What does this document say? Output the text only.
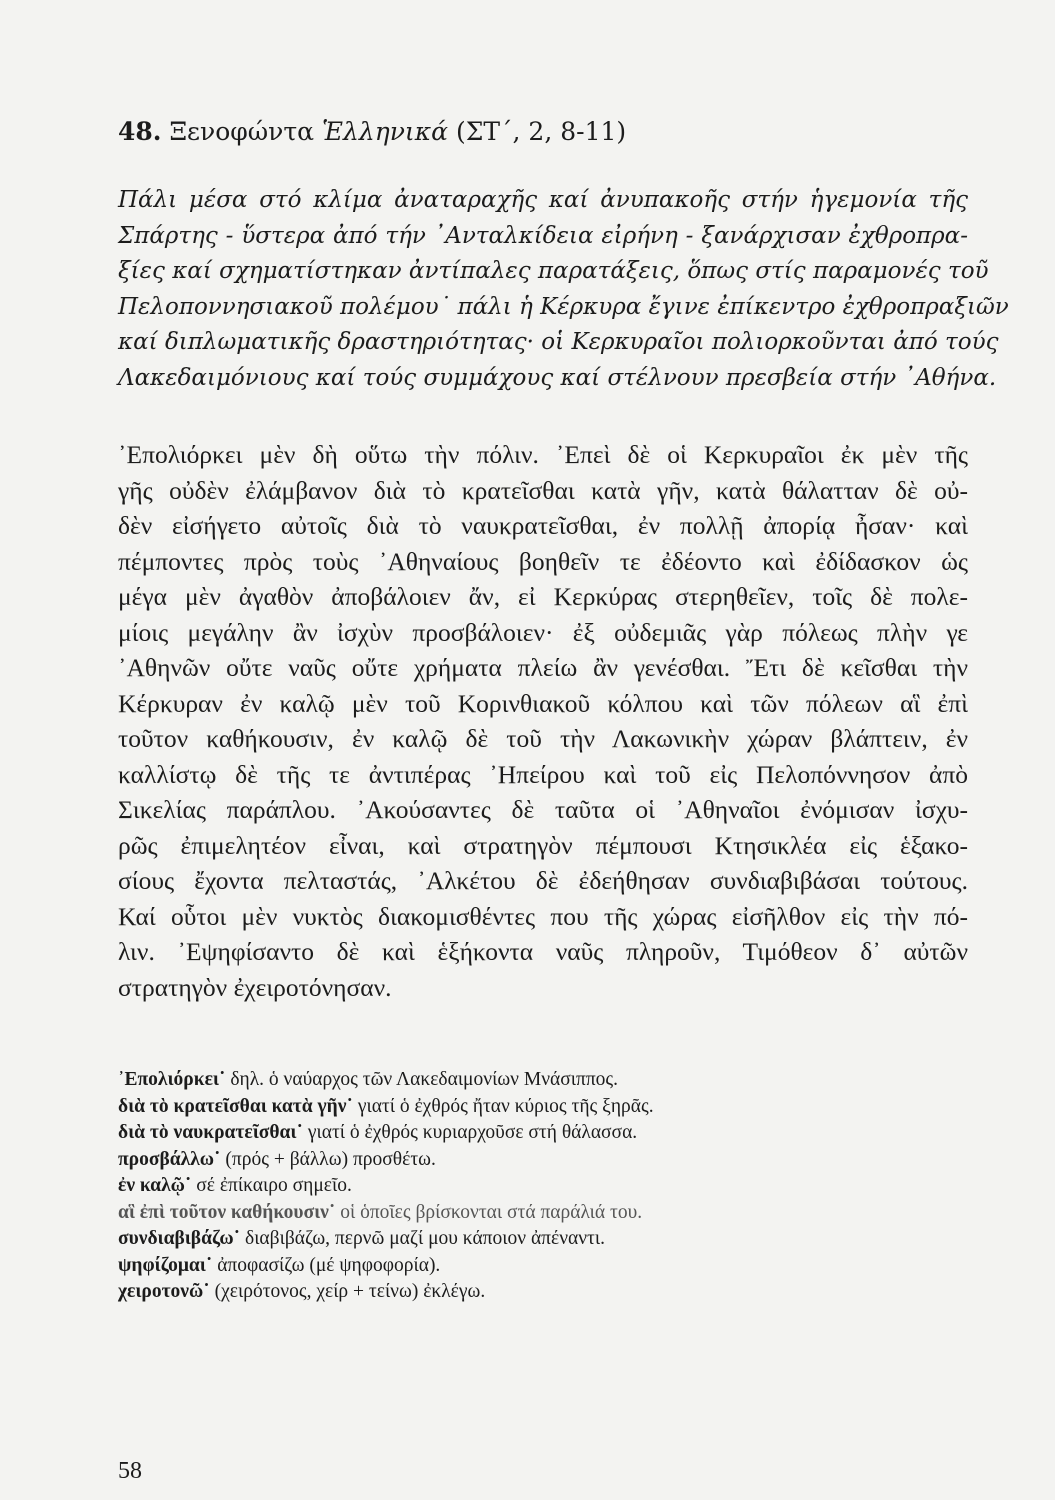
48. Ξενοφώντα Ἑλληνικά (ΣΤ΄, 2, 8-11)
Πάλι μέσα στό κλίμα ἀναταραχῆς καί ἀνυπακοῆς στήν ἡγεμονία τῆς
Σπάρτης - ὕστερα ἀπό τήν ᾿Ανταλκίδεια εἰρήνη - ξανάρχισαν ἐχθροπρα-
ξίες καί σχηματίστηκαν ἀντίπαλες παρατάξεις, ὅπως στίς παραμονές τοῦ
Πελοποννησιακοῦ πολέμου˙ πάλι ἡ Κέρκυρα ἔγινε ἐπίκεντρο ἐχθροπραξιῶν
καί διπλωματικῆς δραστηριότητας· οἱ Κερκυραῖοι πολιορκοῦνται ἀπό τούς
Λακεδαιμόνιους καί τούς συμμάχους καί στέλνουν πρεσβεία στήν ᾿Αθήνα.
᾿Επολιόρκει μὲν δὴ οὕτω τὴν πόλιν. ᾿Επεὶ δὲ οἱ Κερκυραῖοι ἐκ μὲν τῆς
γῆς οὐδὲν ἐλάμβανον διὰ τὸ κρατεῖσθαι κατὰ γῆν, κατὰ θάλατταν δὲ οὐ-
δὲν εἰσήγετο αὐτοῖς διὰ τὸ ναυκρατεῖσθαι, ἐν πολλῇ ἀπορίᾳ ἦσαν· καὶ
πέμποντες πρὸς τοὺς ᾿Αθηναίους βοηθεῖν τε ἐδέοντο καὶ ἐδίδασκον ὡς
μέγα μὲν ἀγαθὸν ἀποβάλοιεν ἄν, εἰ Κερκύρας στερηθεῖεν, τοῖς δὲ πολε-
μίοις μεγάλην ἂν ἰσχὺν προσβάλοιεν· ἐξ οὐδεμιᾶς γὰρ πόλεως πλὴν γε
᾿Αθηνῶν οὔτε ναῦς οὔτε χρήματα πλείω ἂν γενέσθαι. Ἔτι δὲ κεῖσθαι τὴν
Κέρκυραν ἐν καλῷ μὲν τοῦ Κορινθιακοῦ κόλπου καὶ τῶν πόλεων αἳ ἐπὶ
τοῦτον καθήκουσιν, ἐν καλῷ δὲ τοῦ τὴν Λακωνικὴν χώραν βλάπτειν, ἐν
καλλίστῳ δὲ τῆς τε ἀντιπέρας ᾿Ηπείρου καὶ τοῦ εἰς Πελοπόννησον ἀπὸ
Σικελίας παράπλου. ᾿Ακούσαντες δὲ ταῦτα οἱ ᾿Αθηναῖοι ἐνόμισαν ἰσχυ-
ρῶς ἐπιμελητέον εἶναι, καὶ στρατηγὸν πέμπουσι Κτησικλέα εἰς ἑξακο-
σίους ἔχοντα πελταστάς, ᾿Αλκέτου δὲ ἐδεήθησαν συνδιαβιβάσαι τούτους.
Καί οὗτοι μὲν νυκτὸς διακομισθέντες που τῆς χώρας εἰσῆλθον εἰς τὴν πό-
λιν. ᾿Εψηφίσαντο δὲ καὶ ἑξήκοντα ναῦς πληροῦν, Τιμόθεον δ᾿ αὐτῶν
στρατηγὸν ἐχειροτόνησαν.
᾿Επολιόρκει˙ δηλ. ὁ ναύαρχος τῶν Λακεδαιμονίων Μνάσιππος.
διὰ τὸ κρατεῖσθαι κατὰ γῆν˙ γιατί ὁ ἐχθρός ἤταν κύριος τῆς ξηρᾶς.
διὰ τὸ ναυκρατεῖσθαι˙ γιατί ὁ ἐχθρός κυριαρχοῦσε στή θάλασσα.
προσβάλλω˙ (πρός + βάλλω) προσθέτω.
ἐν καλῷ˙ σέ ἐπίκαιρο σημεῖο.
αἳ ἐπὶ τοῦτον καθήκουσιν˙ οἱ ὁποῖες βρίσκονται στά παράλιά του.
συνδιαβιβάζω˙ διαβιβάζω, περνῶ μαζί μου κάποιον ἀπέναντι.
ψηφίζομαι˙ ἀποφασίζω (μέ ψηφοφορία).
χειροτονῶ˙ (χειρότονος, χείρ + τείνω) ἐκλέγω.
58
